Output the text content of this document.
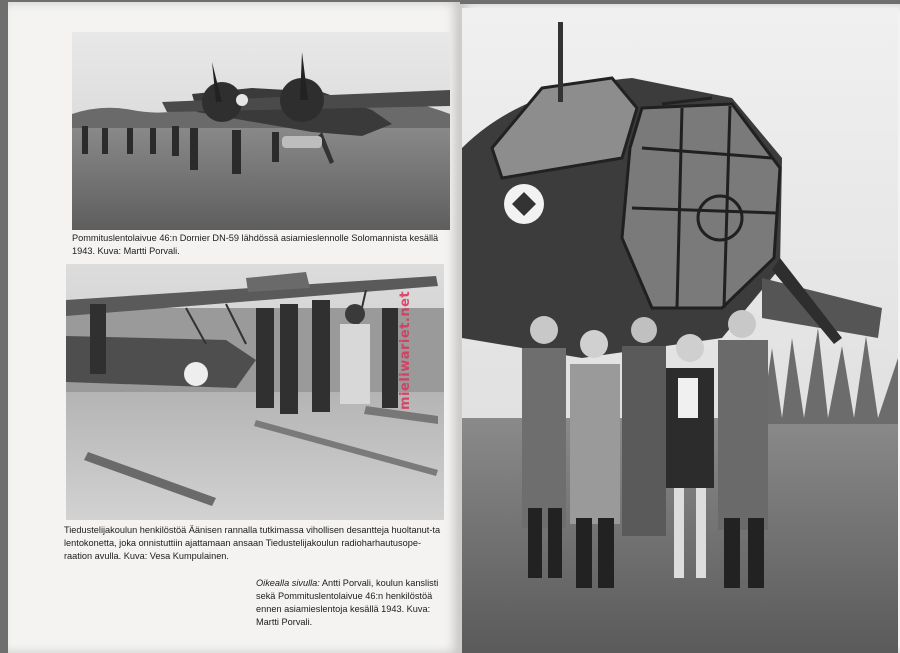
Pommituslentolaivue 46:n Dornier DN-59 lähdössä asiamieslennolle Solomannista kesällä 1943. Kuva: Martti Porvali.

Tiedustelijakoulun henkilöstöä Äänisen rannalla tutkimassa vihollisen desantteja huoltanut-ta lentokonetta, joka onnistuttiin ajattamaan ansaan Tiedustelijakoulun radioharhautusope-raation avulla. Kuva: Vesa Kumpulainen.

Oikealla sivulla: Antti Porvali, koulun kanslisti sekä Pommituslentolaivue 46:n henkilöstöä ennen asiamieslentoja kesällä 1943. Kuva: Martti Porvali.

mieliwariet.net
